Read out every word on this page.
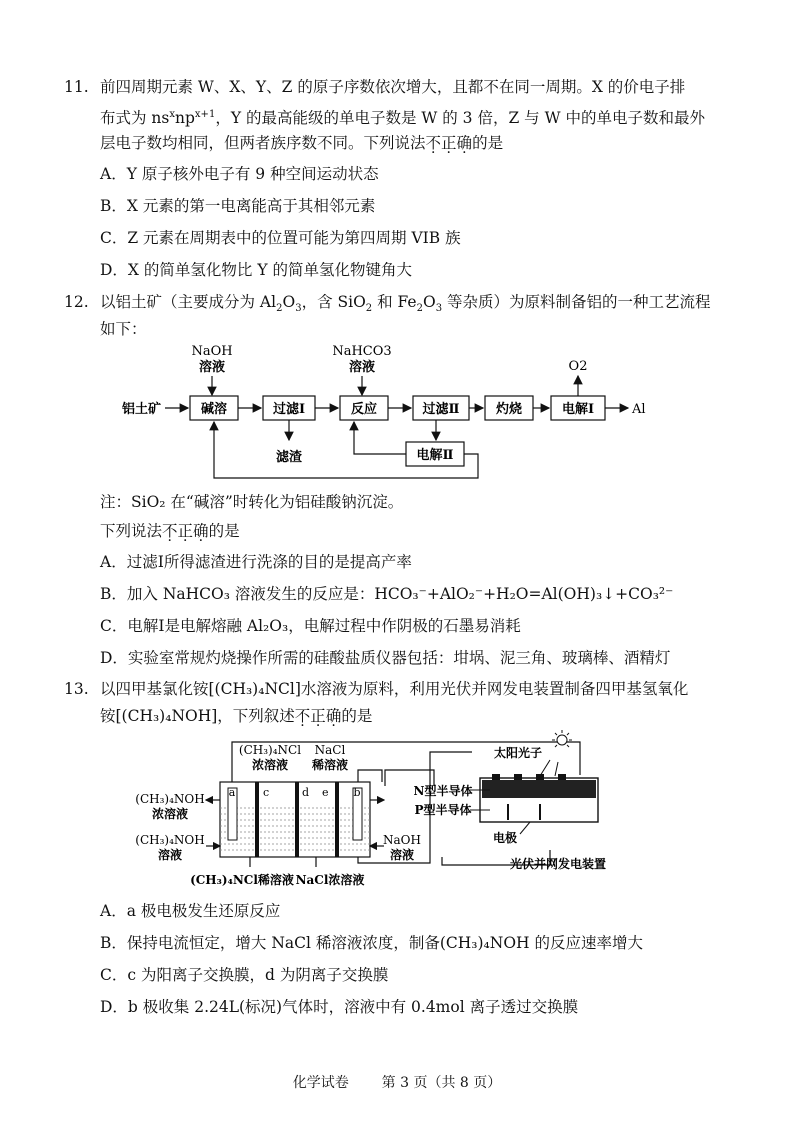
11. 前四周期元素 W、X、Y、Z 的原子序数依次增大，且都不在同一周期。X 的价电子排
布式为 $ns^xnp^{x+1}$，Y 的最高能级的单电子数是 W 的 3 倍，Z 与 W 中的单电子数和最外
层电子数均相同，但两者族序数不同。下列说法不正确的是
A．Y 原子核外电子有 9 种空间运动状态
B．X 元素的第一电离能高于其相邻元素
C．Z 元素在周期表中的位置可能为第四周期 VIB 族
D．X 的简单氢化物比 Y 的简单氢化物键角大
12. 以铝土矿（主要成分为 $Al_2O_3$，含 SiO$_2$ 和 $Fe_2O_3$ 等杂质）为原料制备铝的一种工艺流程
如下：
NaOH
溶液
NaHCO3
溶液	O2
铝土矿	碱溶	过滤Ⅰ	反应	过滤Ⅱ	灼烧	电解Ⅰ	Al
滤渣	电解Ⅱ
注：SiO₂ 在“碱溶”时转化为铝硅酸钠沉淀。
下列说法不正确的是
A．过滤Ⅰ所得滤渣进行洗涤的目的是提高产率
B．加入 NaHCO₃ 溶液发生的反应是：HCO₃⁻+AlO₂⁻+H₂O=Al(OH)₃↓+CO₃²⁻
C．电解Ⅰ是电解熔融 Al₂O₃，电解过程中作阴极的石墨易消耗
D．实验室常规灼烧操作所需的硅酸盐质仪器包括：坩埚、泥三角、玻璃棒、酒精灯
13. 以四甲基氯化铵[(CH₃)₄NCl]水溶液为原料，利用光伏并网发电装置制备四甲基氢氧化
铵[(CH₃)₄NOH]，下列叙述不正确的是
(CH₃)₄NCl
浓溶液
NaCl
稀溶液
a	c	d e b
(CH₃)₄NOH
浓溶液
(CH₃)₄NOH
溶液
NaOH
溶液
(CH₃)₄NCl稀溶液 NaCl浓溶液
太阳光子
N型半导体
P型半导体
电极
光伏并网发电装置
A．a 极电极发生还原反应
B．保持电流恒定，增大 NaCl 稀溶液浓度，制备(CH₃)₄NOH 的反应速率增大
C．c 为阳离子交换膜，d 为阴离子交换膜
D．b 极收集 2.24L(标况)气体时，溶液中有 0.4mol 离子透过交换膜
化学试卷 第 3 页（共 8 页）
